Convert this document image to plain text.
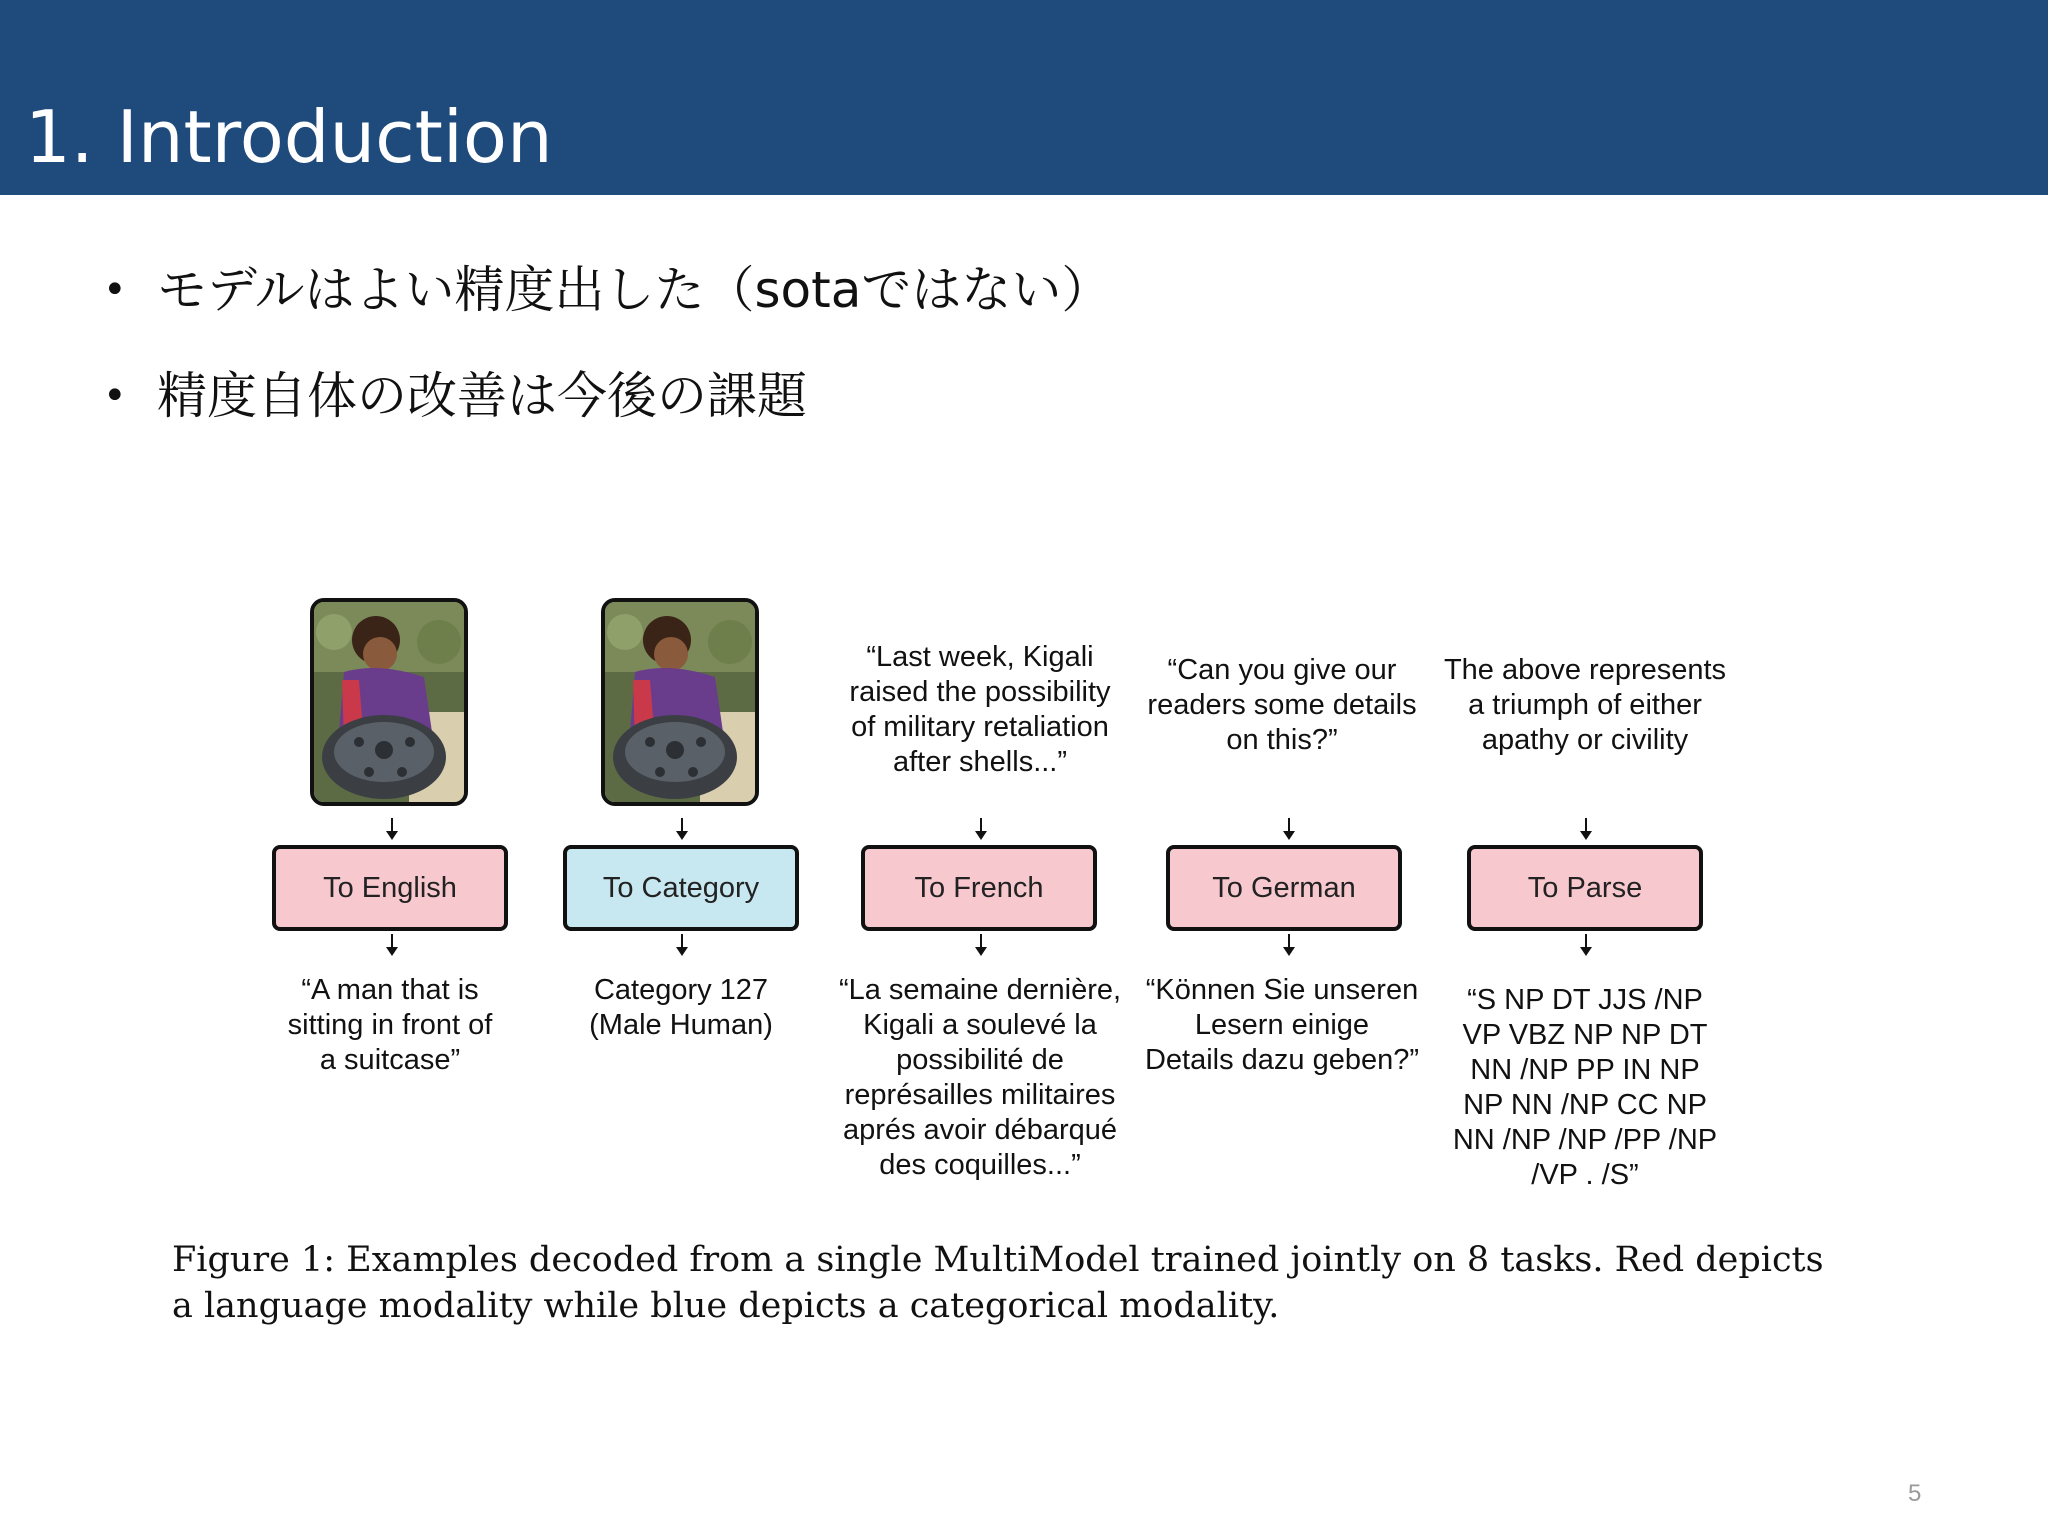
1. Introduction
• モデルはよい精度出した（sotaではない）
• 精度自体の改善は今後の課題
To English
“A man that is
sitting in front of
a suitcase”
To Category
Category 127
(Male Human)
“Last week, Kigali
raised the possibility
of military retaliation
after shells...”
To French
“La semaine dernière,
Kigali a soulevé la
possibilité de
représailles militaires
aprés avoir débarqué
des coquilles...”
“Can you give our
readers some details
on this?”
To German
“Können Sie unseren
Lesern einige
Details dazu geben?”
The above represents
a triumph of either
apathy or civility
To Parse
“S NP DT JJS /NP
VP VBZ NP NP DT
NN /NP PP IN NP
NP NN /NP CC NP
NN /NP /NP /PP /NP
/VP . /S”
Figure 1: Examples decoded from a single MultiModel trained jointly on 8 tasks. Red depicts a language modality while blue depicts a categorical modality.
5
